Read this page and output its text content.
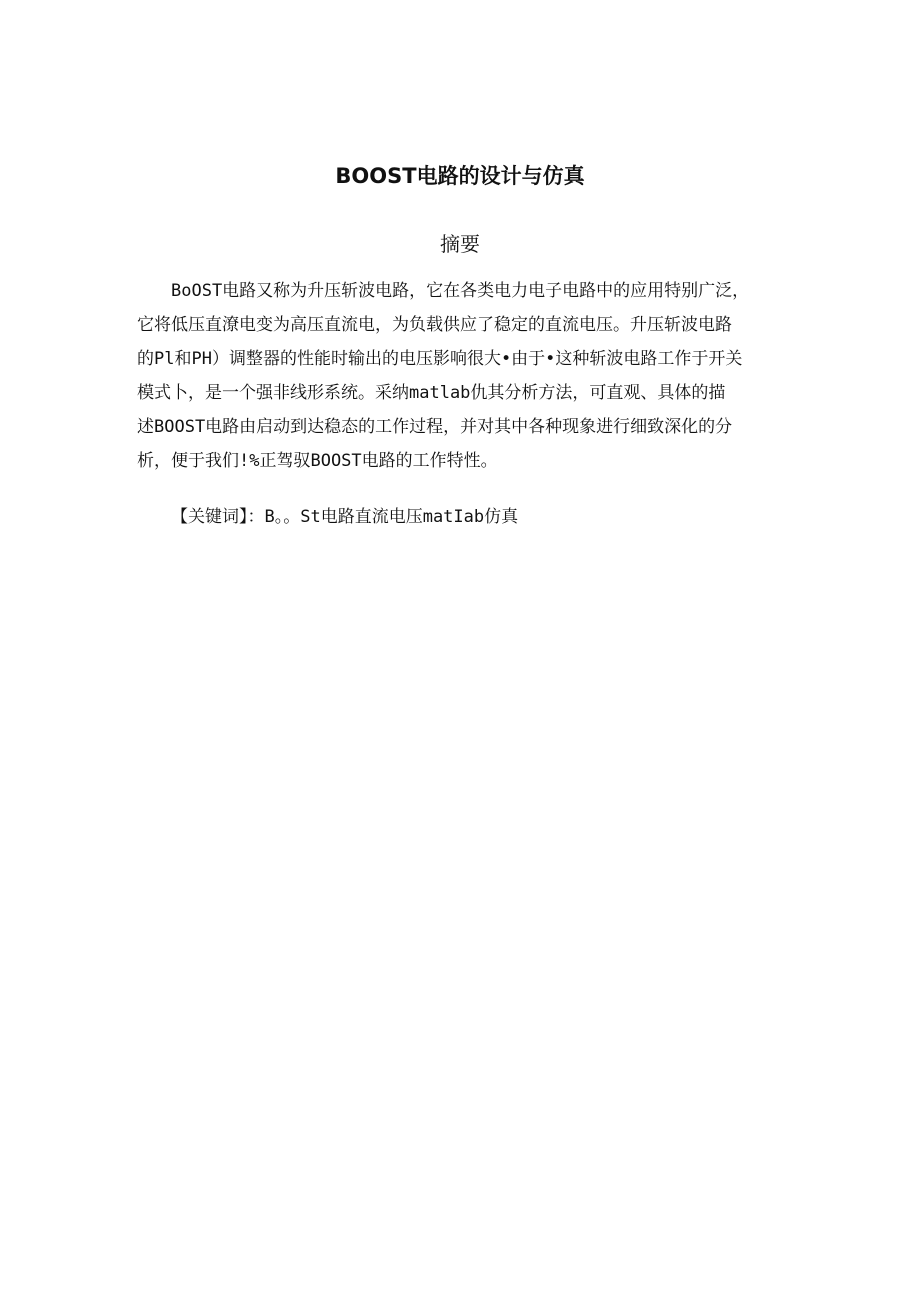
BOOST电路的设计与仿真
摘要
BoOST电路又称为升压斩波电路，它在各类电力电子电路中的应用特别广泛，
它将低压直潦电变为高压直流电，为负载供应了稳定的直流电压。升压斩波电路
的Pl和PH）调整器的性能时输出的电压影响很大•由于•这种斩波电路工作于开关
模式卜，是一个强非线形系统。采纳matlab仇其分析方法，可直观、具体的描
述BOOST电路由启动到达稳态的工作过程，并对其中各种现象进行细致深化的分
析，便于我们!%正驾驭BOOST电路的工作特性。
【关键词】：B。。St电路直流电压matIab仿真
